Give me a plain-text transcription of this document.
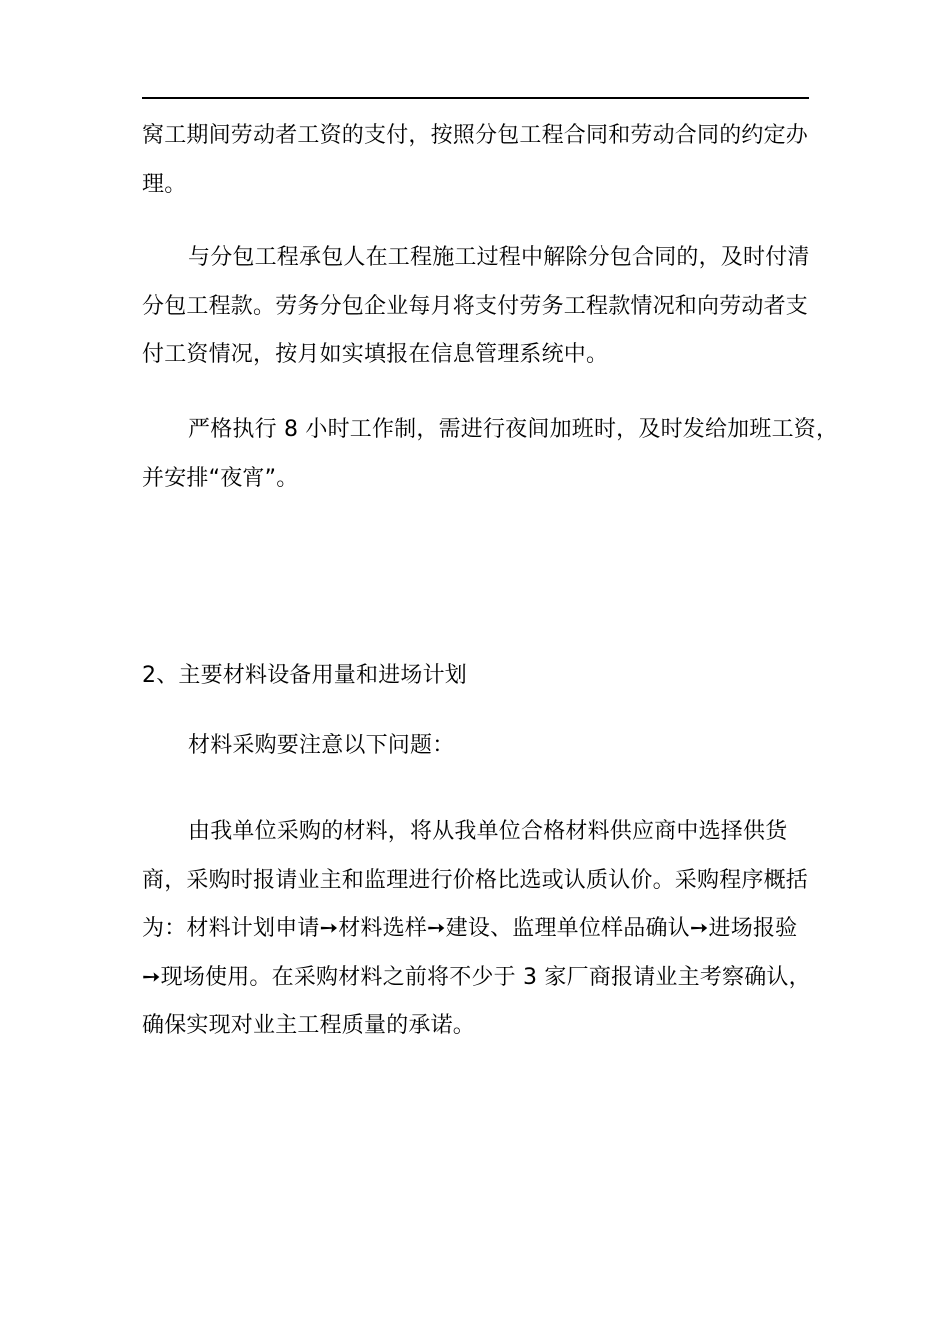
窝工期间劳动者工资的支付，按照分包工程合同和劳动合同的约定办
理。
与分包工程承包人在工程施工过程中解除分包合同的，及时付清
分包工程款。劳务分包企业每月将支付劳务工程款情况和向劳动者支
付工资情况，按月如实填报在信息管理系统中。
严格执行 8 小时工作制，需进行夜间加班时，及时发给加班工资，
并安排“夜宵”。
2、主要材料设备用量和进场计划
材料采购要注意以下问题：
由我单位采购的材料，将从我单位合格材料供应商中选择供货
商，采购时报请业主和监理进行价格比选或认质认价。采购程序概括
为：材料计划申请➙材料选样➙建设、监理单位样品确认➙进场报验
➙现场使用。在采购材料之前将不少于 3 家厂商报请业主考察确认，
确保实现对业主工程质量的承诺。
